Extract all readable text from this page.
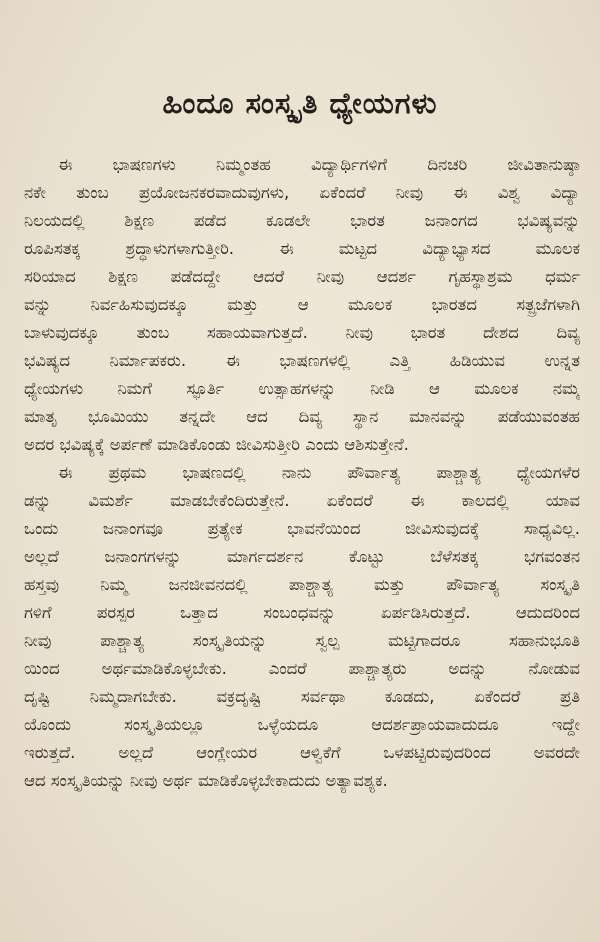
ಹಿಂದೂ ಸಂಸ್ಕೃತಿ ಧ್ಯೇಯಗಳು
ಈ ಭಾಷಣಗಳು ನಿಮ್ಮಂತಹ ವಿದ್ಯಾರ್ಥಿಗಳಿಗೆ ದಿನಚರಿ ಜೀವಿತಾನುಷ್ಠಾ
ನಕೇ ತುಂಬ ಪ್ರಯೋಜನಕರವಾದುವುಗಳು, ಏಕೆಂದರೆ ನೀವು ಈ ವಿಶ್ವ ವಿದ್ಯಾ
ನಿಲಯದಲ್ಲಿ ಶಿಕ್ಷಣ ಪಡೆದ ಕೂಡಲೇ ಭಾರತ ಜನಾಂಗದ ಭವಿಷ್ಯವನ್ನು
ರೂಪಿಸತಕ್ಕ ಶ್ರದ್ಧಾಳುಗಳಾಗುತ್ತೀರಿ. ಈ ಮಟ್ಟದ ವಿದ್ಯಾಭ್ಯಾಸದ ಮೂಲಕ
ಸರಿಯಾದ ಶಿಕ್ಷಣ ಪಡೆದದ್ದೇ ಆದರೆ ನೀವು ಆದರ್ಶ ಗೃಹಸ್ಥಾಶ್ರಮ ಧರ್ಮ
ವನ್ನು ನಿರ್ವಹಿಸುವುದಕ್ಕೂ ಮತ್ತು ಆ ಮೂಲಕ ಭಾರತದ ಸತ್ಪ್ರಜೆಗಳಾಗಿ
ಬಾಳುವುದಕ್ಕೂ ತುಂಬ ಸಹಾಯವಾಗುತ್ತದೆ. ನೀವು ಭಾರತ ದೇಶದ ದಿವ್ಯ
ಭವಿಷ್ಯದ ನಿರ್ಮಾಪಕರು. ಈ ಭಾಷಣಗಳಲ್ಲಿ ಎತ್ತಿ ಹಿಡಿಯುವ ಉನ್ನತ
ಧ್ಯೇಯಗಳು ನಿಮಗೆ ಸ್ಫೂರ್ತಿ ಉತ್ಸಾಹಗಳನ್ನು ನೀಡಿ ಆ ಮೂಲಕ ನಮ್ಮ
ಮಾತೃ ಭೂಮಿಯು ತನ್ನದೇ ಆದ ದಿವ್ಯ ಸ್ಥಾನ ಮಾನವನ್ನು ಪಡೆಯುವಂತಹ
ಅದರ ಭವಿಷ್ಯಕ್ಕೆ ಅರ್ಪಣೆ ಮಾಡಿಕೊಂಡು ಜೀವಿಸುತ್ತೀರಿ ಎಂದು ಆಶಿಸುತ್ತೇನೆ.
ಈ ಪ್ರಥಮ ಭಾಷಣದಲ್ಲಿ ನಾನು ಪೌರ್ವಾತ್ಯ ಪಾಶ್ಚಾತ್ಯ ಧ್ಯೇಯಗಳೆರ
ಡನ್ನು ವಿಮರ್ಶೆ ಮಾಡಬೇಕೆಂದಿರುತ್ತೇನೆ. ಏಕೆಂದರೆ ಈ ಕಾಲದಲ್ಲಿ ಯಾವ
ಒಂದು ಜನಾಂಗವೂ ಪ್ರತ್ಯೇಕ ಭಾವನೆಯಿಂದ ಜೀವಿಸುವುದಕ್ಕೆ ಸಾಧ್ಯವಿಲ್ಲ.
ಅಲ್ಲದೆ ಜನಾಂಗಗಳನ್ನು ಮಾರ್ಗದರ್ಶನ ಕೊಟ್ಟು ಬೆಳೆಸತಕ್ಕ ಭಗವಂತನ
ಹಸ್ತವು ನಿಮ್ಮ ಜನಜೀವನದಲ್ಲಿ ಪಾಶ್ಚಾತ್ಯ ಮತ್ತು ಪೌರ್ವಾತ್ಯ ಸಂಸ್ಕೃತಿ
ಗಳಿಗೆ ಪರಸ್ಪರ ಒತ್ತಾದ ಸಂಬಂಧವನ್ನು ಏರ್ಪಡಿಸಿರುತ್ತದೆ. ಆದುದರಿಂದ
ನೀವು ಪಾಶ್ಚಾತ್ಯ ಸಂಸ್ಕೃತಿಯನ್ನು ಸ್ವಲ್ಪ ಮಟ್ಟಿಗಾದರೂ ಸಹಾನುಭೂತಿ
ಯಿಂದ ಅರ್ಥಮಾಡಿಕೊಳ್ಳಬೇಕು. ಎಂದರೆ ಪಾಶ್ಚಾತ್ಯರು ಅದನ್ನು ನೋಡುವ
ದೃಷ್ಟಿ ನಿಮ್ಮದಾಗಬೇಕು. ವಕ್ರದೃಷ್ಟಿ ಸರ್ವಥಾ ಕೂಡದು, ಏಕೆಂದರೆ ಪ್ರತಿ
ಯೊಂದು ಸಂಸ್ಕೃತಿಯಲ್ಲೂ ಒಳ್ಳೆಯದೂ ಆದರ್ಶಪ್ರಾಯವಾದುದೂ ಇದ್ದೇ
ಇರುತ್ತದೆ. ಅಲ್ಲದೆ ಆಂಗ್ಲೇಯರ ಆಳ್ವಿಕೆಗೆ ಒಳಪಟ್ಟಿರುವುದರಿಂದ ಅವರದೇ
ಆದ ಸಂಸ್ಕೃತಿಯನ್ನು ನೀವು ಅರ್ಥ ಮಾಡಿಕೊಳ್ಳಬೇಕಾದುದು ಅತ್ಯಾವಶ್ಯಕ.
